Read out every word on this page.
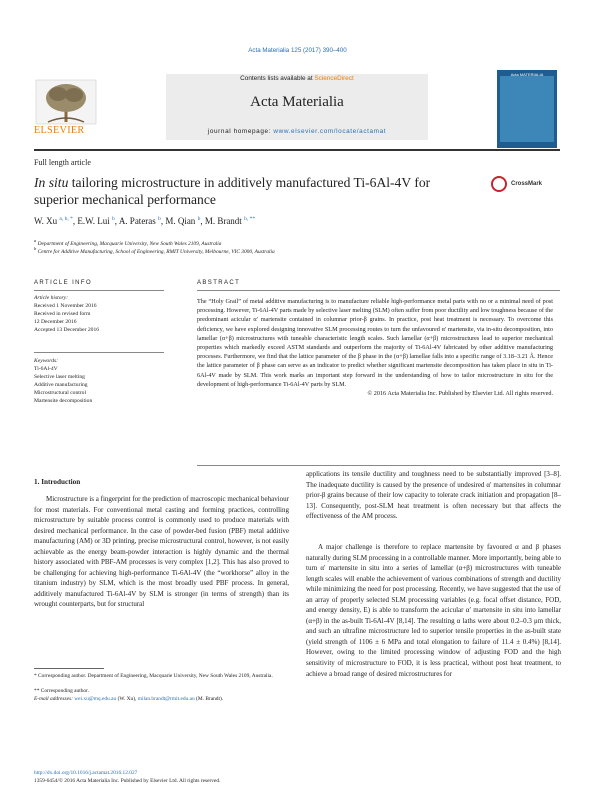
Acta Materialia 125 (2017) 390–400
ELSEVIER
Contents lists available at ScienceDirect
Acta Materialia
journal homepage: www.elsevier.com/locate/actamat
Acta MATERIALIA
Full length article
In situ tailoring microstructure in additively manufactured Ti-6Al-4V for superior mechanical performance
CrossMark
W. Xu $^{a, b, *}$, E.W. Lui $^b$, A. Pateras $^b$, M. Qian $^b$, M. Brandt $^{b, **}$
$^a$ Department of Engineering, Macquarie University, New South Wales 2109, Australia
$^b$ Centre for Additive Manufacturing, School of Engineering, RMIT University, Melbourne, VIC 3000, Australia
ARTICLE INFO	ABSTRACT
Article history:
Received 1 November 2016
Received in revised form
12 December 2016
Accepted 13 December 2016
Keywords:
Ti-6Al-4V
Selective laser melting
Additive manufacturing
Microstructural control
Martensite decomposition

The “Holy Grail” of metal additive manufacturing is to manufacture reliable high-performance metal parts with no or a minimal need of post processing. However, Ti-6Al-4V parts made by selective laser melting (SLM) often suffer from poor ductility and low toughness because of the predominant acicular α′ martensite contained in columnar prior-β grains. In practice, post heat treatment is necessary. To overcome this deficiency, we have explored designing innovative SLM processing routes to turn the unfavoured α′ martensite, via in-situ decomposition, into lamellar (α+β) microstructures with tuneable characteristic length scales. Such lamellar (α+β) microstructures lead to superior mechanical properties which markedly exceed ASTM standards and outperform the majority of Ti-6Al-4V fabricated by other additive manufacturing processes. Furthermore, we find that the lattice parameter of the β phase in the (α+β) lamellae falls into a specific range of 3.18–3.21 Å. Hence the lattice parameter of β phase can serve as an indicator to predict whether significant martensite decomposition has taken place in situ in Ti-6Al-4V made by SLM. This work marks an important step forward in the understanding of how to tailor microstructure in situ for the development of high-performance Ti-6Al-4V parts by SLM.

© 2016 Acta Materialia Inc. Published by Elsevier Ltd. All rights reserved.

1. Introduction
Microstructure is a fingerprint for the prediction of macroscopic mechanical behaviour for most materials. For conventional metal casting and forming practices, controlling microstructure by suitable process control is commonly used to produce materials with desired mechanical performance. In the case of powder-bed fusion (PBF) metal additive manufacturing (AM) or 3D printing, precise microstructural control, however, is not easily achievable as the energy beam-powder interaction is highly dynamic and the thermal history associated with PBF-AM processes is very complex [1,2]. This has also proved to be challenging for achieving high-performance Ti-6Al-4V (the “workhorse” alloy in the titanium industry) by SLM, which is the most broadly used PBF process. In general, additively manufactured Ti-6Al-4V by SLM is stronger (in terms of strength) than its wrought counterparts, but for structural
applications its tensile ductility and toughness need to be substantially improved [3–8]. The inadequate ductility is caused by the presence of undesired α′ martensites in columnar prior-β grains because of their low capacity to tolerate crack initiation and propagation [8–13]. Consequently, post-SLM heat treatment is often necessary but that affects the effectiveness of the AM process.
A major challenge is therefore to replace martensite by favoured α and β phases naturally during SLM processing in a controllable manner. More importantly, being able to turn α′ martensite in situ into a series of lamellar (α+β) microstructures with tuneable length scales will enable the achievement of various combinations of strength and ductility while minimizing the need for post processing. Recently, we have suggested that the use of an array of properly selected SLM processing variables (e.g. focal offset distance, FOD, and energy density, E) is able to transform the acicular α′ martensite in situ into lamellar (α+β) in the as-built Ti-6Al-4V [8,14]. The resulting α laths were about 0.2–0.3 μm thick, and such an ultrafine microstructure led to superior tensile properties in the as-built state (yield strength of 1106 ± 6 MPa and total elongation to failure of 11.4 ± 0.4%) [8,14]. However, owing to the limited processing window of adjusting FOD and the high sensitivity of microstructure to FOD, it is less practical, without post heat treatment, to achieve a broad range of desired microstructures for
* Corresponding author. Department of Engineering, Macquarie University, New South Wales 2109, Australia.
** Corresponding author.
E-mail addresses: wei.xu@mq.edu.au (W. Xu), milan.brandt@rmit.edu.au (M. Brandt).
http://dx.doi.org/10.1016/j.actamat.2016.12.027
1359-6454/© 2016 Acta Materialia Inc. Published by Elsevier Ltd. All rights reserved.
